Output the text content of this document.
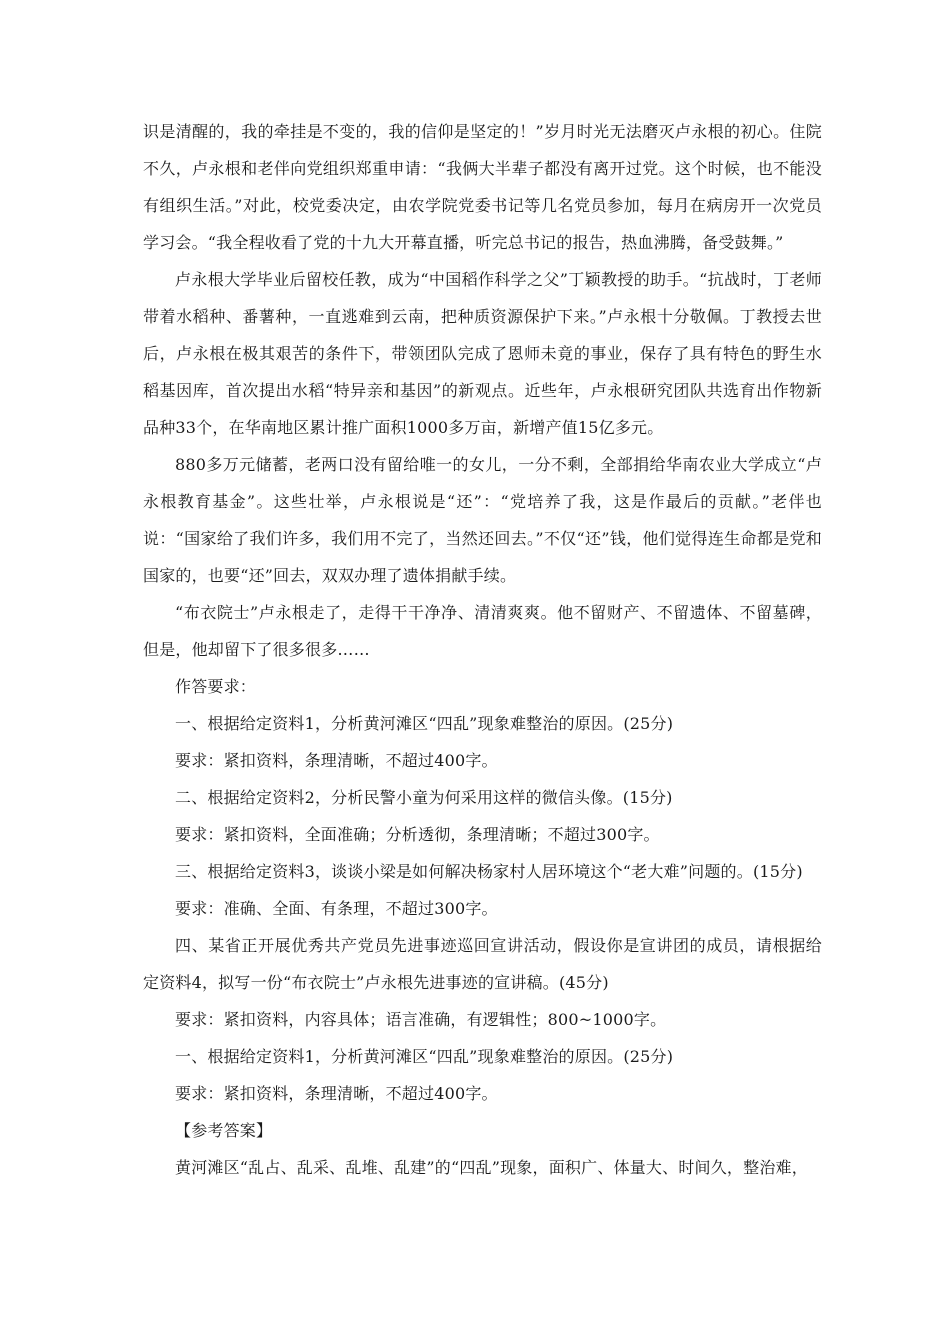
识是清醒的，我的牵挂是不变的，我的信仰是坚定的！”岁月时光无法磨灭卢永根的初心。住院不久，卢永根和老伴向党组织郑重申请：“我俩大半辈子都没有离开过党。这个时候，也不能没有组织生活。”对此，校党委决定，由农学院党委书记等几名党员参加，每月在病房开一次党员学习会。“我全程收看了党的十九大开幕直播，听完总书记的报告，热血沸腾，备受鼓舞。”

卢永根大学毕业后留校任教，成为“中国稻作科学之父”丁颖教授的助手。“抗战时，丁老师带着水稻种、番薯种，一直逃难到云南，把种质资源保护下来。”卢永根十分敬佩。丁教授去世后，卢永根在极其艰苦的条件下，带领团队完成了恩师未竟的事业，保存了具有特色的野生水稻基因库，首次提出水稻“特异亲和基因”的新观点。近些年，卢永根研究团队共选育出作物新品种33个，在华南地区累计推广面积1000多万亩，新增产值15亿多元。

880多万元储蓄，老两口没有留给唯一的女儿，一分不剩，全部捐给华南农业大学成立“卢永根教育基金”。这些壮举，卢永根说是“还”：“党培养了我，这是作最后的贡献。”老伴也说：“国家给了我们许多，我们用不完了，当然还回去。”不仅“还”钱，他们觉得连生命都是党和国家的，也要“还”回去，双双办理了遗体捐献手续。

“布衣院士”卢永根走了，走得干干净净、清清爽爽。他不留财产、不留遗体、不留墓碑，但是，他却留下了很多很多……

作答要求：

一、根据给定资料1，分析黄河滩区“四乱”现象难整治的原因。(25分)

要求：紧扣资料，条理清晰，不超过400字。

二、根据给定资料2，分析民警小童为何采用这样的微信头像。(15分)

要求：紧扣资料，全面准确；分析透彻，条理清晰；不超过300字。

三、根据给定资料3，谈谈小梁是如何解决杨家村人居环境这个“老大难”问题的。(15分)

要求：准确、全面、有条理，不超过300字。

四、某省正开展优秀共产党员先进事迹巡回宣讲活动，假设你是宣讲团的成员，请根据给定资料4，拟写一份“布衣院士”卢永根先进事迹的宣讲稿。(45分)

要求：紧扣资料，内容具体；语言准确，有逻辑性；800~1000字。

一、根据给定资料1，分析黄河滩区“四乱”现象难整治的原因。(25分)

要求：紧扣资料，条理清晰，不超过400字。

【参考答案】

黄河滩区“乱占、乱采、乱堆、乱建”的“四乱”现象，面积广、体量大、时间久，整治难，
